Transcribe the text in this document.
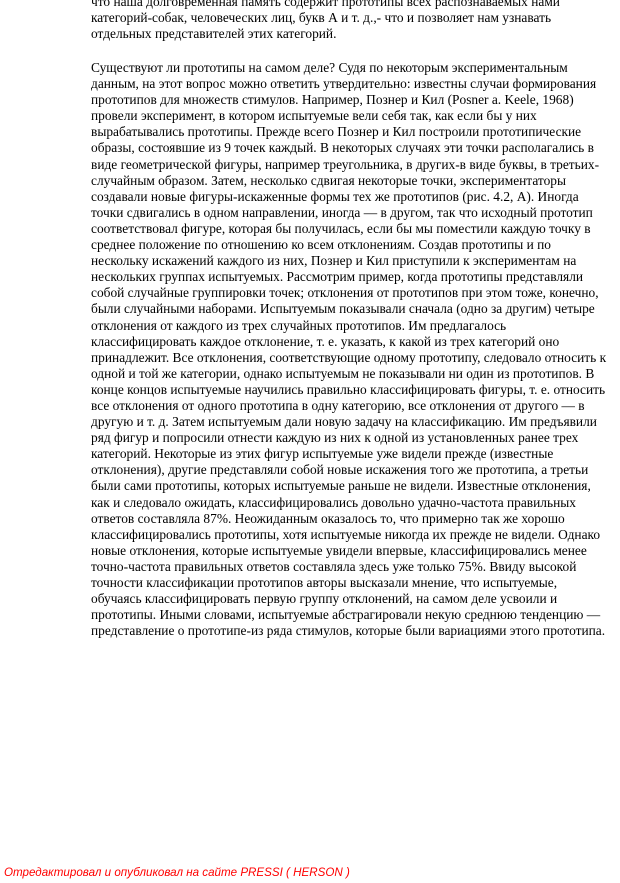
что наша долговременная память содержит прототипы всех распознаваемых нами
категорий-собак, человеческих лиц, букв А и т. д.,- что и позволяет нам узнавать
отдельных представителей этих категорий.

Существуют ли прототипы на самом деле? Судя по некоторым экспериментальным
данным, на этот вопрос можно ответить утвердительно: известны случаи формирования
прототипов для множеств стимулов. Например, Познер и Кил (Posner a. Keele, 1968)
провели эксперимент, в котором испытуемые вели себя так, как если бы у них
вырабатывались прототипы. Прежде всего Познер и Кил построили прототипические
образы, состоявшие из 9 точек каждый. В некоторых случаях эти точки располагались в
виде геометрической фигуры, например треугольника, в других-в виде буквы, в третьих-
случайным образом. Затем, несколько сдвигая некоторые точки, экспериментаторы
создавали новые фигуры-искаженные формы тех же прототипов (рис. 4.2, А). Иногда
точки сдвигались в одном направлении, иногда — в другом, так что исходный прототип
соответствовал фигуре, которая бы получилась, если бы мы поместили каждую точку в
среднее положение по отношению ко всем отклонениям. Создав прототипы и по
нескольку искажений каждого из них, Познер и Кил приступили к экспериментам на
нескольких группах испытуемых. Рассмотрим пример, когда прототипы представляли
собой случайные группировки точек; отклонения от прототипов при этом тоже, конечно,
были случайными наборами. Испытуемым показывали сначала (одно за другим) четыре
отклонения от каждого из трех случайных прототипов. Им предлагалось
классифицировать каждое отклонение, т. е. указать, к какой из трех категорий оно
принадлежит. Все отклонения, соответствующие одному прототипу, следовало относить к
одной и той же категории, однако испытуемым не показывали ни один из прототипов. В
конце концов испытуемые научились правильно классифицировать фигуры, т. е. относить
все отклонения от одного прототипа в одну категорию, все отклонения от другого — в
другую и т. д. Затем испытуемым дали новую задачу на классификацию. Им предъявили
ряд фигур и попросили отнести каждую из них к одной из установленных ранее трех
категорий. Некоторые из этих фигур испытуемые уже видели прежде (известные
отклонения), другие представляли собой новые искажения того же прототипа, а третьи
были сами прототипы, которых испытуемые раньше не видели. Известные отклонения,
как и следовало ожидать, классифицировались довольно удачно-частота правильных
ответов составляла 87%. Неожиданным оказалось то, что примерно так же хорошо
классифицировались прототипы, хотя испытуемые никогда их прежде не видели. Однако
новые отклонения, которые испытуемые увидели впервые, классифицировались менее
точно-частота правильных ответов составляла здесь уже только 75%. Ввиду высокой
точности классификации прототипов авторы высказали мнение, что испытуемые,
обучаясь классифицировать первую группу отклонений, на самом деле усвоили и
прототипы. Иными словами, испытуемые абстрагировали некую среднюю тенденцию —
представление о прототипе-из ряда стимулов, которые были вариациями этого прототипа.

Отредактировал и опубликовал на сайте PRESSI ( HERSON )
